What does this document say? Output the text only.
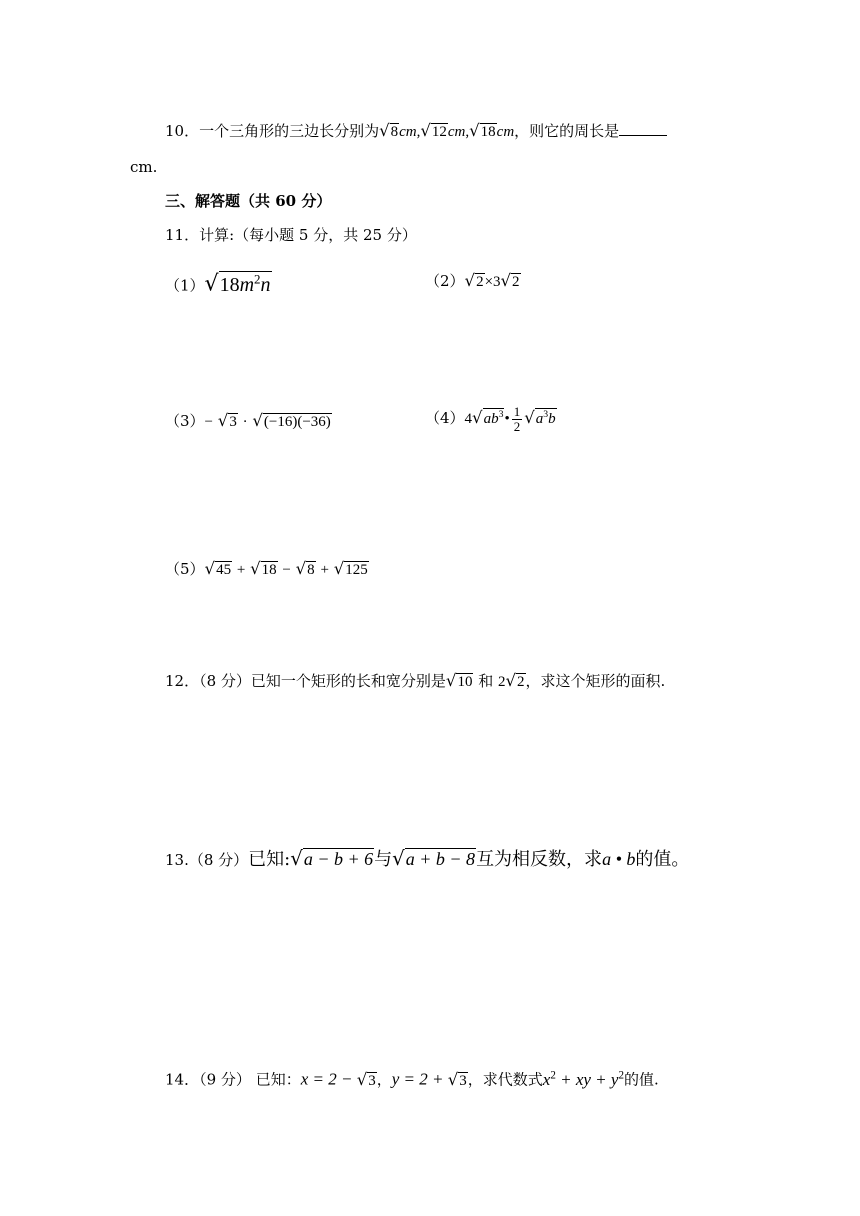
10．一个三角形的三边长分别为√8cm,√12cm,√18cm，则它的周长是
cm.
三、解答题（共 60 分）
11．计算:（每小题 5 分，共 25 分）
$(1)√18m^2n$	（2）√2×3√2
（3）− √3 · √(−16)(−36)	$(4)4√ab^3• \frac{1}{2} √a^3b$
（5）√45 + √18 − √8 + √125
12．（8 分）已知一个矩形的长和宽分别是√10 和 2√2，求这个矩形的面积.
13.（8 分）已知:√a − b + 6与√a + b − 8互为相反数，求a • b的值。
14．（9 分） 已知：x = 2 − √3，y = 2 + √3，求代数式$x^2$ + xy + $y^2$的值.
